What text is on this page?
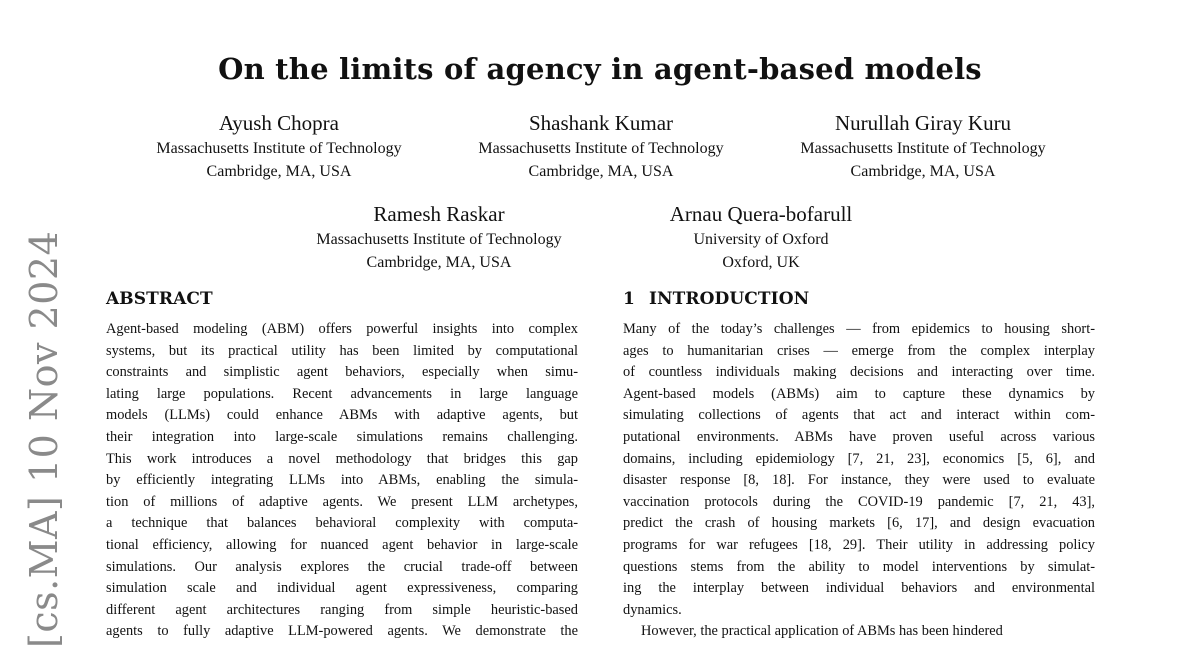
On the limits of agency in agent-based models
Ayush Chopra
Massachusetts Institute of Technology
Cambridge, MA, USA
Shashank Kumar
Massachusetts Institute of Technology
Cambridge, MA, USA
Nurullah Giray Kuru
Massachusetts Institute of Technology
Cambridge, MA, USA
Ramesh Raskar
Massachusetts Institute of Technology
Cambridge, MA, USA
Arnau Quera-bofarull
University of Oxford
Oxford, UK
[cs.MA] 10 Nov 2024 ABSTRACT
Agent-based modeling (ABM) offers powerful insights into complex
systems, but its practical utility has been limited by computational
constraints and simplistic agent behaviors, especially when simu-
lating large populations. Recent advancements in large language
models (LLMs) could enhance ABMs with adaptive agents, but
their integration into large-scale simulations remains challenging.
This work introduces a novel methodology that bridges this gap
by efficiently integrating LLMs into ABMs, enabling the simula-
tion of millions of adaptive agents. We present LLM archetypes,
a technique that balances behavioral complexity with computa-
tional efficiency, allowing for nuanced agent behavior in large-scale
simulations. Our analysis explores the crucial trade-off between
simulation scale and individual agent expressiveness, comparing
different agent architectures ranging from simple heuristic-based
agents to fully adaptive LLM-powered agents. We demonstrate the
1 INTRODUCTION
Many of the today’s challenges — from epidemics to housing short-
ages to humanitarian crises — emerge from the complex interplay
of countless individuals making decisions and interacting over time.
Agent-based models (ABMs) aim to capture these dynamics by
simulating collections of agents that act and interact within com-
putational environments. ABMs have proven useful across various
domains, including epidemiology [7, 21, 23], economics [5, 6], and
disaster response [8, 18]. For instance, they were used to evaluate
vaccination protocols during the COVID-19 pandemic [7, 21, 43],
predict the crash of housing markets [6, 17], and design evacuation
programs for war refugees [18, 29]. Their utility in addressing policy
questions stems from the ability to model interventions by simulat-
ing the interplay between individual behaviors and environmental
dynamics.
However, the practical application of ABMs has been hindered
